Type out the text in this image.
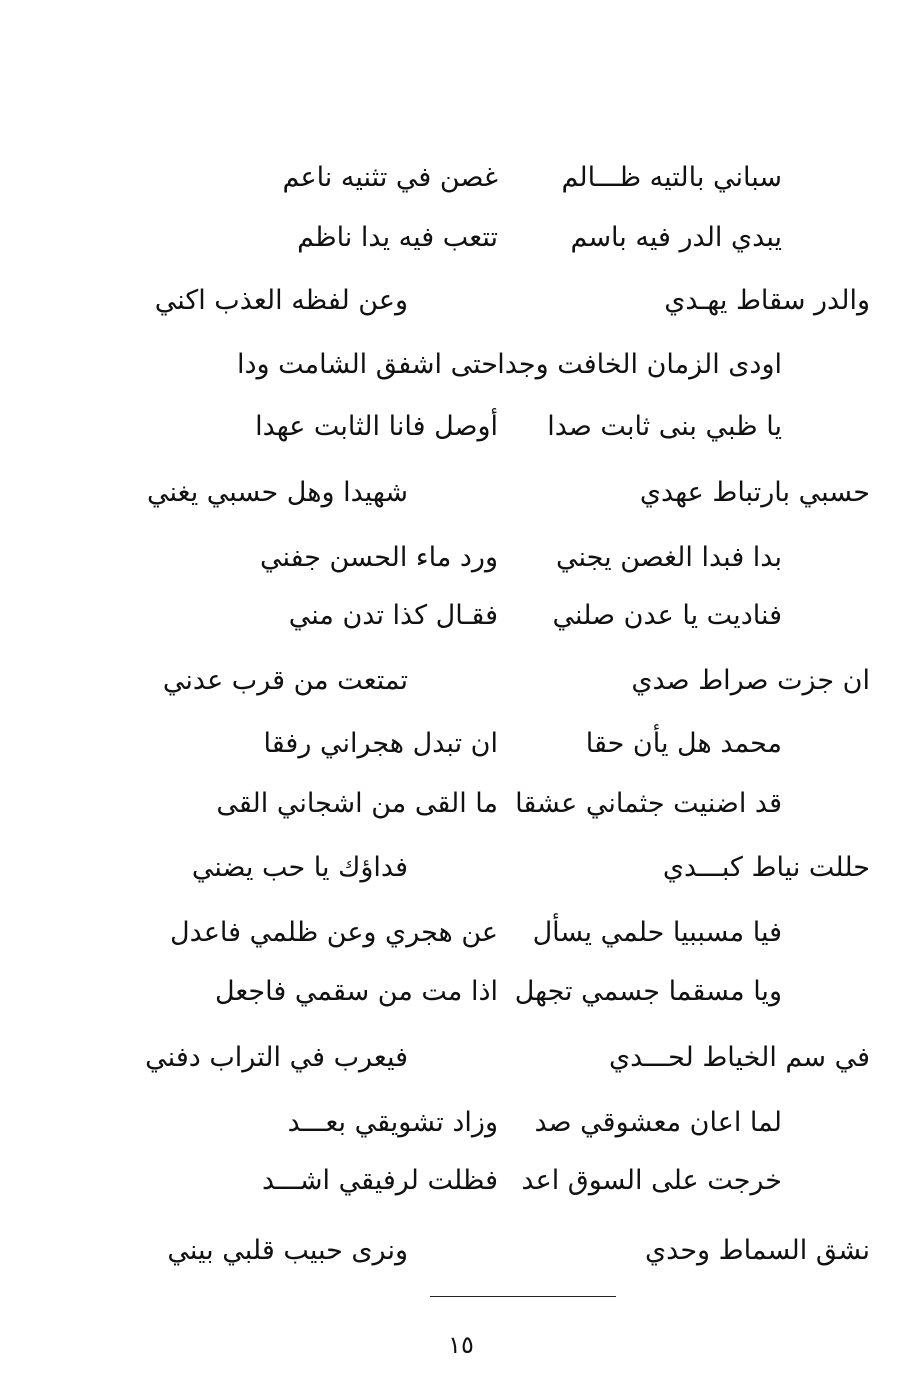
سباني بالتيه ظـــالم
غصن في تثنيه ناعم
يبدي الدر فيه باسم
تتعب فيه يدا ناظم
والدر سقاط يهـدي
وعن لفظه العذب اكني
اودى الزمان الخافت وجدا
حتى اشفق الشامت ودا
يا ظبي بنى ثابت صدا
أوصل فانا الثابت عهدا
حسبي بارتباط عهدي
شهيدا وهل حسبي يغني
بدا فبدا الغصن يجني
ورد ماء الحسن جفني
فناديت يا عدن صلني
فقـال كذا تدن مني
ان جزت صراط صدي
تمتعت من قرب عدني
محمد هل يأن حقا
ان تبدل هجراني رفقا
قد اضنيت جثماني عشقا
ما القى من اشجاني القى
حللت نياط كبـــدي
فداؤك يا حب يضني
فيا مسببيا حلمي يسأل
عن هجري وعن ظلمي فاعدل
ويا مسقما جسمي تجهل
اذا مت من سقمي فاجعل
في سم الخياط لحـــدي
فيعرب في التراب دفني
لما اعان معشوقي صد
وزاد تشويقي بعـــد
خرجت على السوق اعد
فظلت لرفيقي اشـــد
نشق السماط وحدي
ونرى حبيب قلبي بيني
١٥
